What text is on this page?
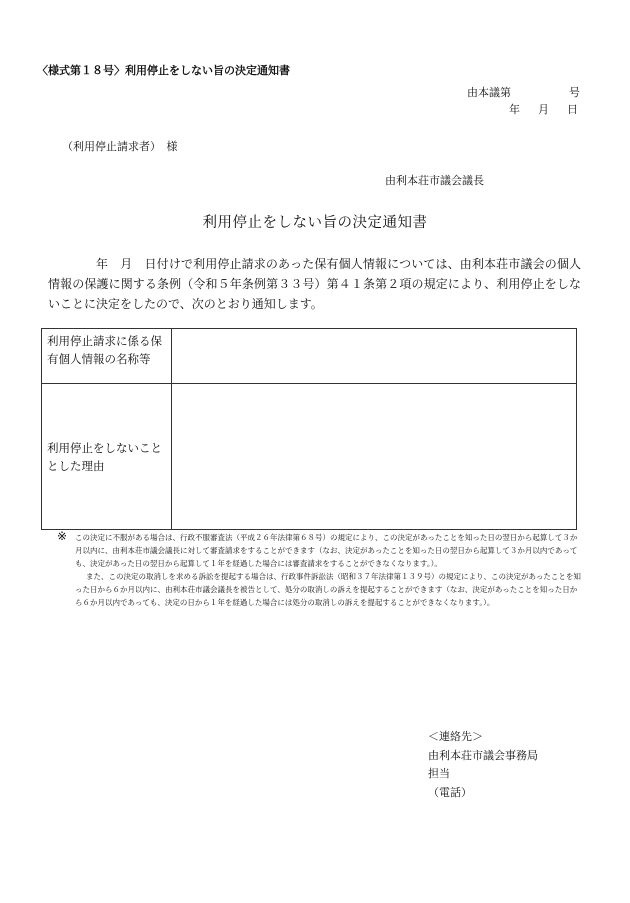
〈様式第１８号〉利用停止をしない旨の決定通知書
由本議第	号
年 月 日
（利用停止請求者）　様
由利本荘市議会議長
利用停止をしない旨の決定通知書
年　月　日付けで利用停止請求のあった保有個人情報については、由利本荘市議会の個人情報の保護に関する条例（令和５年条例第３３号）第４１条第２項の規定により、利用停止をしないことに決定をしたので、次のとおり通知します。
利用停止請求に係る保有個人情報の名称等	
利用停止をしないこととした理由	
※	この決定に不服がある場合は、行政不服審査法（平成２６年法律第６８号）の規定により、この決定があったことを知った日の翌日から起算して３か月以内に、由利本荘市議会議長に対して審査請求をすることができます（なお、決定があったことを知った日の翌日から起算して３か月以内であっても、決定があった日の翌日から起算して１年を経過した場合には審査請求をすることができなくなります。）。

また、この決定の取消しを求める訴訟を提起する場合は、行政事件訴訟法（昭和３７年法律第１３９号）の規定により、この決定があったことを知った日から６か月以内に、由利本荘市議会議長を被告として、処分の取消しの訴えを提起することができます（なお、決定があったことを知った日から６か月以内であっても、決定の日から１年を経過した場合には処分の取消しの訴えを提起することができなくなります。）。

＜連絡先＞
由利本荘市議会事務局
担当
（電話）
